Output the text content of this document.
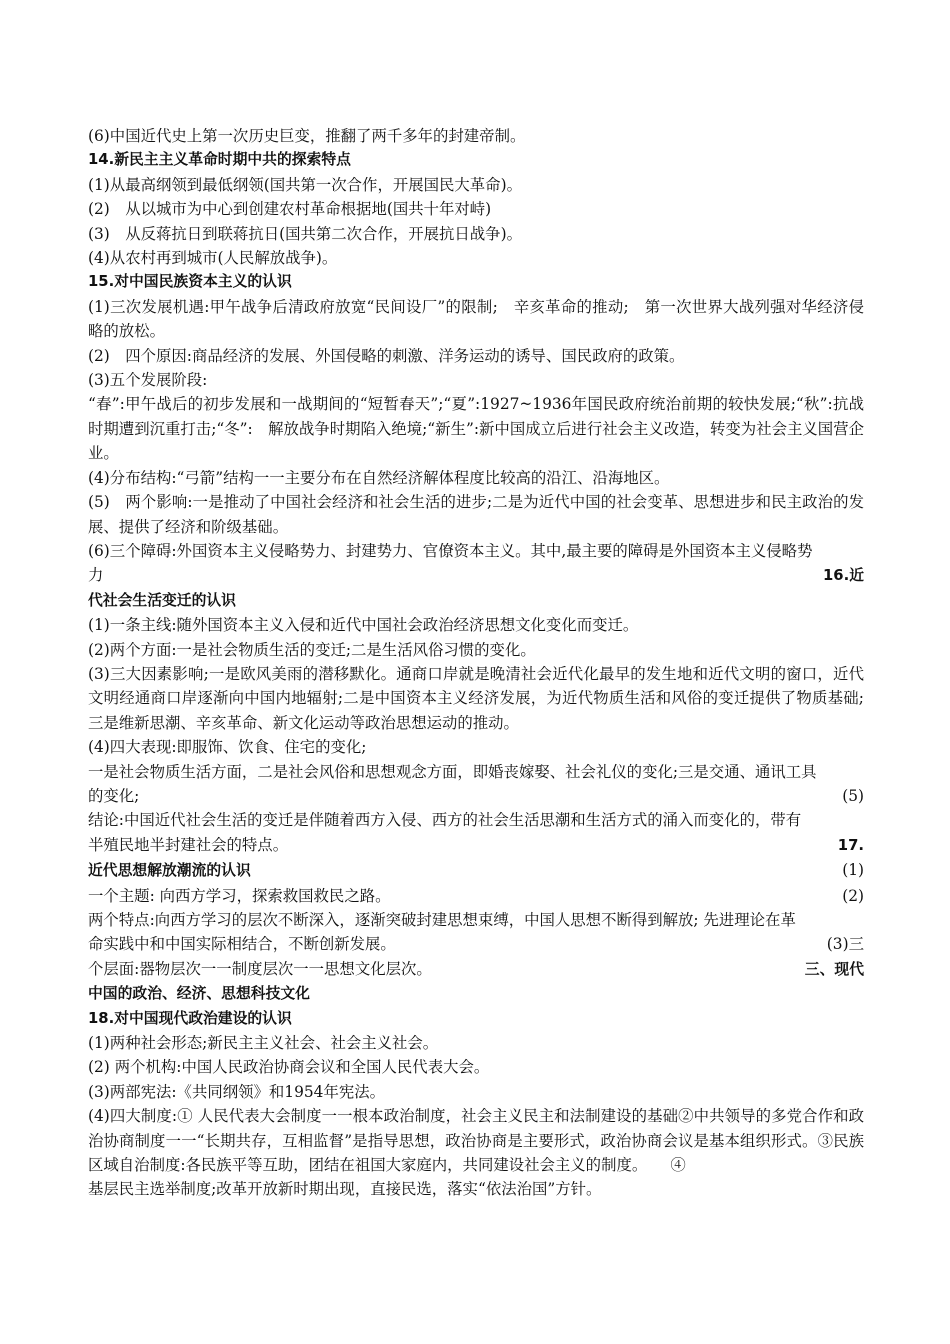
(6)中国近代史上第一次历史巨变，推翻了两千多年的封建帝制。

14.新民主主义革命时期中共的探索特点

(1)从最高纲领到最低纲领(国共第一次合作，开展国民大革命)。

(2)　从以城市为中心到创建农村革命根据地(国共十年对峙)

(3)　从反蒋抗日到联蒋抗日(国共第二次合作，开展抗日战争)。

(4)从农村再到城市(人民解放战争)。

15.对中国民族资本主义的认识

(1)三次发展机遇:甲午战争后清政府放宽“民间设厂”的限制;　辛亥革命的推动;　第一次世界大战列强对华经济侵略的放松。

(2)　四个原因:商品经济的发展、外国侵略的刺激、洋务运动的诱导、国民政府的政策。

(3)五个发展阶段:

“春”:甲午战后的初步发展和一战期间的“短暂春天”;“夏”:1927~1936年国民政府统治前期的较快发展;“秋”:抗战时期遭到沉重打击;“冬”:　解放战争时期陷入绝境;“新生”:新中国成立后进行社会主义改造，转变为社会主义国营企业。

(4)分布结构:“弓箭”结构一一主要分布在自然经济解体程度比较高的沿江、沿海地区。

(5)　两个影响:一是推动了中国社会经济和社会生活的进步;二是为近代中国的社会变革、思想进步和民主政治的发展、提供了经济和阶级基础。

(6)三个障碍:外国资本主义侵略势力、封建势力、官僚资本主义。其中,最主要的障碍是外国资本主义侵略势

力	16.近

代社会生活变迁的认识

(1)一条主线:随外国资本主义入侵和近代中国社会政治经济思想文化变化而变迁。

(2)两个方面:一是社会物质生活的变迁;二是生活风俗习惯的变化。

(3)三大因素影响;一是欧风美雨的潜移默化。通商口岸就是晚清社会近代化最早的发生地和近代文明的窗口，近代文明经通商口岸逐渐向中国内地辐射;二是中国资本主义经济发展，为近代物质生活和风俗的变迁提供了物质基础;三是维新思潮、辛亥革命、新文化运动等政治思想运动的推动。

(4)四大表现:即服饰、饮食、住宅的变化;

一是社会物质生活方面，二是社会风俗和思想观念方面，即婚丧嫁娶、社会礼仪的变化;三是交通、通讯工具

的变化;	(5)

结论:中国近代社会生活的变迁是伴随着西方入侵、西方的社会生活思潮和生活方式的涌入而变化的，带有

半殖民地半封建社会的特点。	17.
近代思想解放潮流的认识	(1)
一个主题: 向西方学习，探索救国救民之路。	(2)

两个特点:向西方学习的层次不断深入，逐渐突破封建思想束缚，中国人思想不断得到解放; 先进理论在革

命实践中和中国实际相结合，不断创新发展。	(3)三
个层面:器物层次一一制度层次一一思想文化层次。	三、现代

中国的政治、经济、思想科技文化

18.对中国现代政治建设的认识

(1)两种社会形态;新民主主义社会、社会主义社会。

(2) 两个机构:中国人民政治协商会议和全国人民代表大会。

(3)两部宪法:《共同纲领》和1954年宪法。

(4)四大制度:① 人民代表大会制度一一根本政治制度，社会主义民主和法制建设的基础②中共领导的多党合作和政治协商制度一一“长期共存，互相监督”是指导思想，政治协商是主要形式，政治协商会议是基本组织形式。③民族区域自治制度:各民族平等互助，团结在祖国大家庭内，共同建设社会主义的制度。　　④

基层民主选举制度;改革开放新时期出现，直接民选，落实“依法治国”方针。
